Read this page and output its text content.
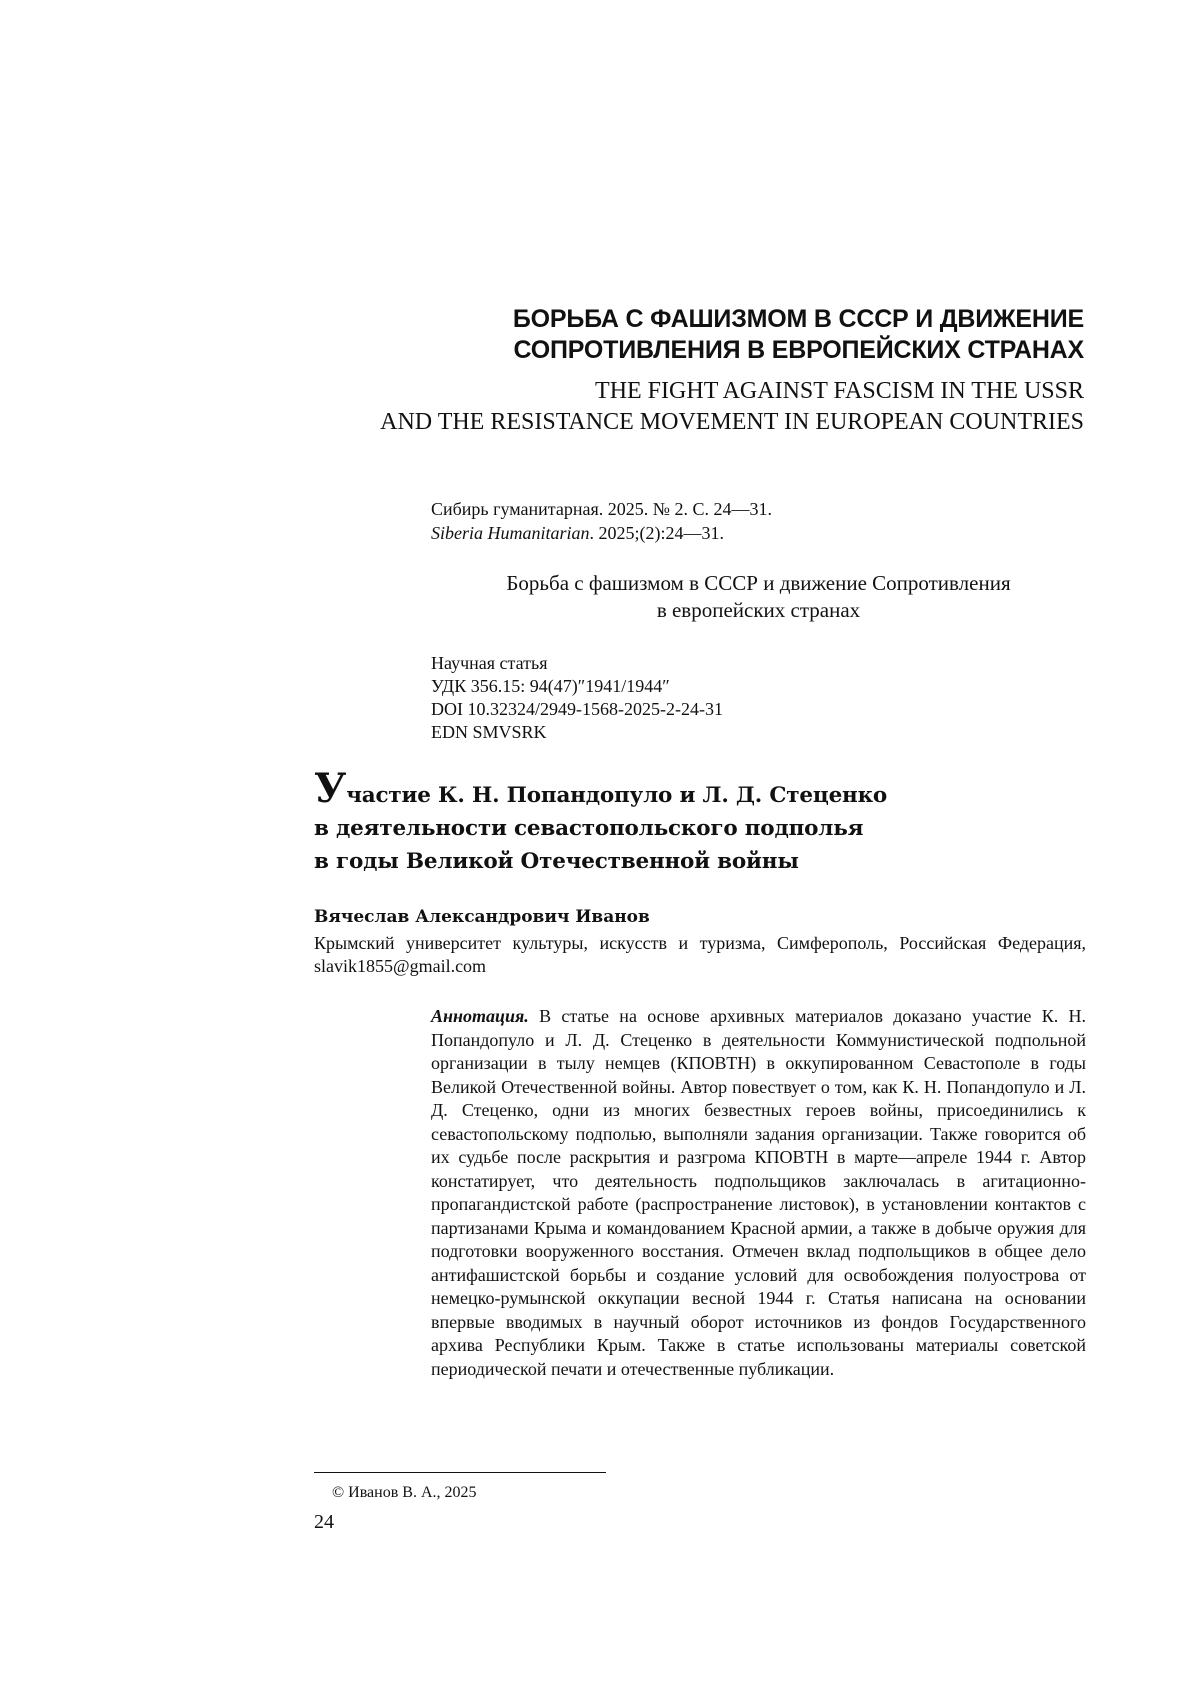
БОРЬБА С ФАШИЗМОМ В СССР И ДВИЖЕНИЕ
СОПРОТИВЛЕНИЯ В ЕВРОПЕЙСКИХ СТРАНАХ
THE FIGHT AGAINST FASCISM IN THE USSR
AND THE RESISTANCE MOVEMENT IN EUROPEAN COUNTRIES
Сибирь гуманитарная. 2025. № 2. С. 24—31.
Siberia Humanitarian. 2025;(2):24—31.
Борьба с фашизмом в СССР и движение Сопротивления
в европейских странах
Научная статья
УДК 356.15: 94(47)″1941/1944″
DOI 10.32324/2949-1568-2025-2-24-31
EDN SMVSRK
Участие К. Н. Попандопуло и Л. Д. Стеценко
в деятельности севастопольского подполья
в годы Великой Отечественной войны
Вячеслав Александрович Иванов
Крымский университет культуры, искусств и туризма, Симферополь, Российская Федерация, slavik1855@gmail.com
Аннотация. В статье на основе архивных материалов доказано участие К. Н. Попандопуло и Л. Д. Стеценко в деятельности Коммунистической подпольной организации в тылу немцев (КПОВТН) в оккупированном Севастополе в годы Великой Отечественной войны. Автор повествует о том, как К. Н. Попандопуло и Л. Д. Стеценко, одни из многих безвестных героев войны, присоединились к севастопольскому подполью, выполняли задания организации. Также говорится об их судьбе после раскрытия и разгрома КПОВТН в марте—апреле 1944 г. Автор констатирует, что деятельность подпольщиков заключалась в агитационно-пропагандистской работе (распространение листовок), в установлении контактов с партизанами Крыма и командованием Красной армии, а также в добыче оружия для подготовки вооруженного восстания. Отмечен вклад подпольщиков в общее дело антифашистской борьбы и создание условий для освобождения полуострова от немецко-румынской оккупации весной 1944 г. Статья написана на основании впервые вводимых в научный оборот источников из фондов Государственного архива Республики Крым. Также в статье использованы материалы советской периодической печати и отечественные публикации.
© Иванов В. А., 2025
24
